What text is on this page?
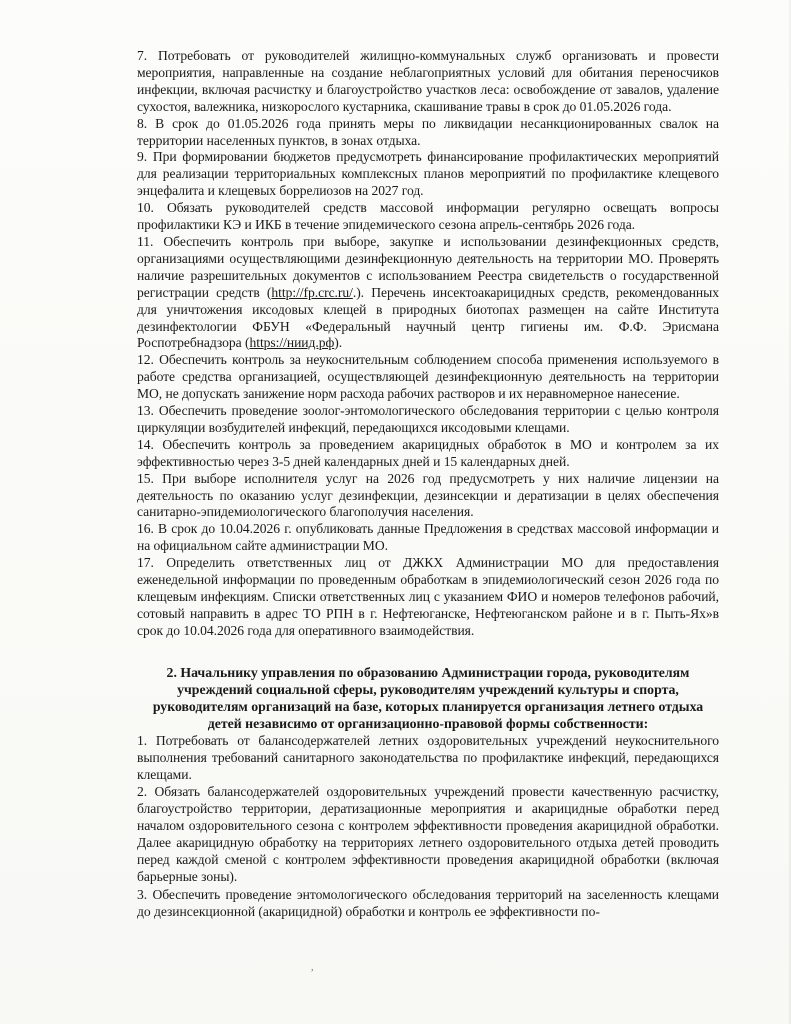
7. Потребовать от руководителей жилищно-коммунальных служб организовать и провести мероприятия, направленные на создание неблагоприятных условий для обитания переносчиков инфекции, включая расчистку и благоустройство участков леса: освобождение от завалов, удаление сухостоя, валежника, низкорослого кустарника, скашивание травы в срок до 01.05.2026 года.

8. В срок до 01.05.2026 года принять меры по ликвидации несанкционированных свалок на территории населенных пунктов, в зонах отдыха.

9. При формировании бюджетов предусмотреть финансирование профилактических мероприятий для реализации территориальных комплексных планов мероприятий по профилактике клещевого энцефалита и клещевых боррелиозов на 2027 год.

10. Обязать руководителей средств массовой информации регулярно освещать вопросы профилактики КЭ и ИКБ в течение эпидемического сезона апрель-сентябрь 2026 года.

11. Обеспечить контроль при выборе, закупке и использовании дезинфекционных средств, организациями осуществляющими дезинфекционную деятельность на территории МО. Проверять наличие разрешительных документов с использованием Реестра свидетельств о государственной регистрации средств (http://fp.crc.ru/.). Перечень инсектоакарицидных средств, рекомендованных для уничтожения иксодовых клещей в природных биотопах размещен на сайте Института дезинфектологии ФБУН «Федеральный научный центр гигиены им. Ф.Ф. Эрисмана Роспотребнадзора (https://ниид.рф).

12. Обеспечить контроль за неукоснительным соблюдением способа применения используемого в работе средства организацией, осуществляющей дезинфекционную деятельность на территории МО, не допускать занижение норм расхода рабочих растворов и их неравномерное нанесение.

13. Обеспечить проведение зоолог-энтомологического обследования территории с целью контроля циркуляции возбудителей инфекций, передающихся иксодовыми клещами.

14. Обеспечить контроль за проведением акарицидных обработок в МО и контролем за их эффективностью через 3-5 дней календарных дней и 15 календарных дней.

15. При выборе исполнителя услуг на 2026 год предусмотреть у них наличие лицензии на деятельность по оказанию услуг дезинфекции, дезинсекции и дератизации в целях обеспечения санитарно-эпидемиологического благополучия населения.

16. В срок до 10.04.2026 г. опубликовать данные Предложения в средствах массовой информации и на официальном сайте администрации МО.

17. Определить ответственных лиц от ДЖКХ Администрации МО для предоставления еженедельной информации по проведенным обработкам в эпидемиологический сезон 2026 года по клещевым инфекциям. Списки ответственных лиц с указанием ФИО и номеров телефонов рабочий, сотовый направить в адрес ТО РПН в г. Нефтеюганске, Нефтеюганском районе и в г. Пыть-Ях»в срок до 10.04.2026 года для оперативного взаимодействия.

2. Начальнику управления по образованию Администрации города, руководителям учреждений социальной сферы, руководителям учреждений культуры и спорта, руководителям организаций на базе, которых планируется организация летнего отдыха детей независимо от организационно-правовой формы собственности:

1. Потребовать от балансодержателей летних оздоровительных учреждений неукоснительного выполнения требований санитарного законодательства по профилактике инфекций, передающихся клещами.

2. Обязать балансодержателей оздоровительных учреждений провести качественную расчистку, благоустройство территории, дератизационные мероприятия и акарицидные обработки перед началом оздоровительного сезона с контролем эффективности проведения акарицидной обработки. Далее акарицидную обработку на территориях летнего оздоровительного отдыха детей проводить перед каждой сменой с контролем эффективности проведения акарицидной обработки (включая барьерные зоны).

3. Обеспечить проведение энтомологического обследования территорий на заселенность клещами до дезинсекционной (акарицидной) обработки и контроль ее эффективности по-

,
